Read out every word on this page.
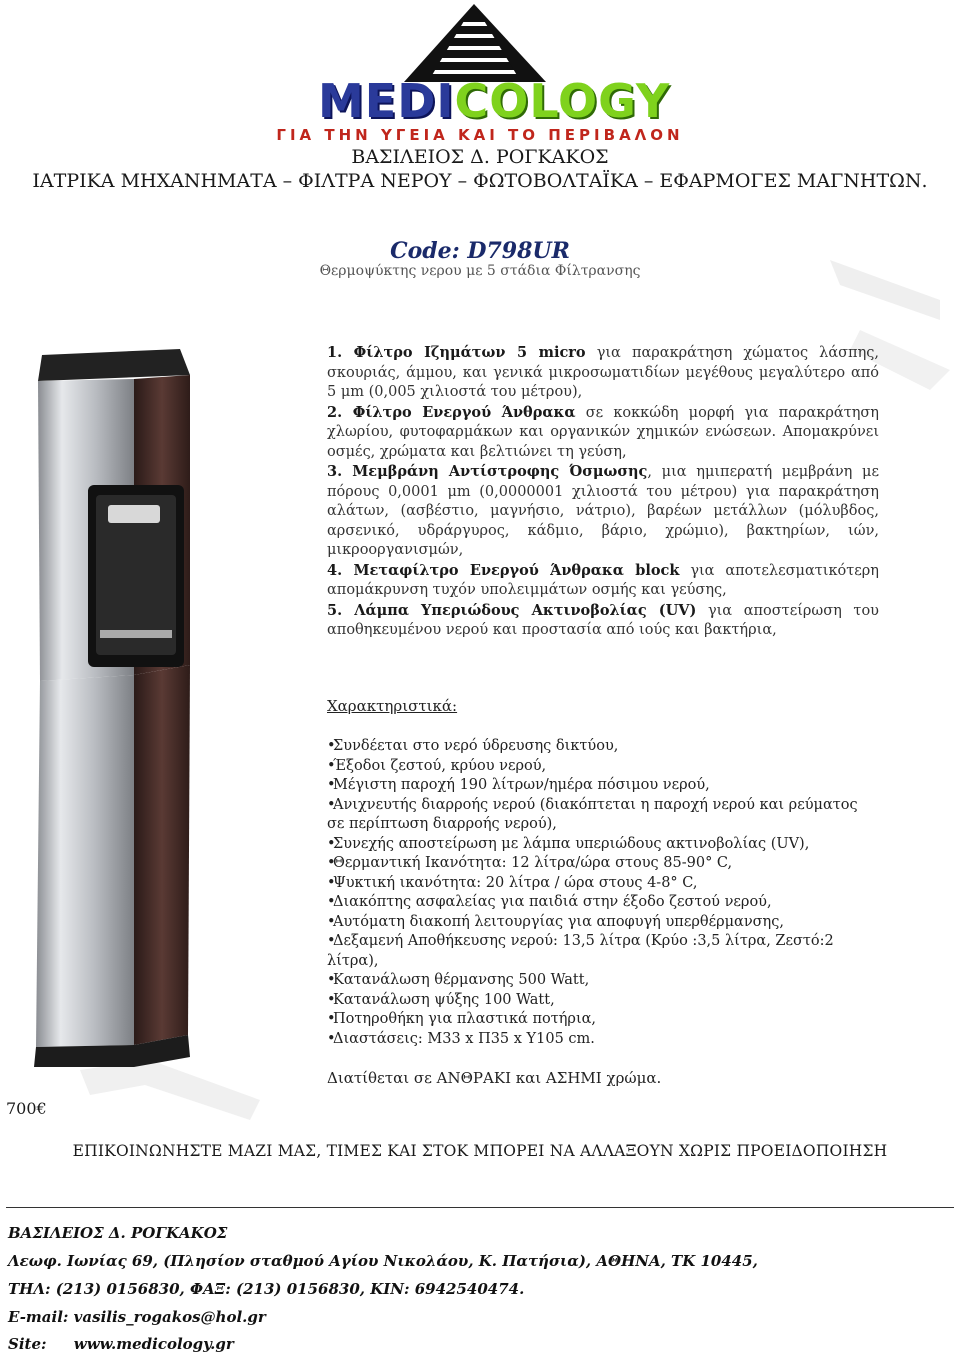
MEDICOLOGY
ΓΙΑ ΤΗΝ ΥΓΕΙΑ ΚΑΙ ΤΟ ΠΕΡΙΒΑΛΟΝ
ΒΑΣΙΛΕΙΟΣ Δ. ΡΟΓΚΑΚΟΣ
ΙΑΤΡΙΚΑ ΜΗΧΑΝΗΜΑΤΑ – ΦΙΛΤΡΑ ΝΕΡΟΥ – ΦΩΤΟΒΟΛΤΑΪΚΑ – ΕΦΑΡΜΟΓΕΣ ΜΑΓΝΗΤΩΝ.
Code: D798UR
Θερμοψύκτης νερου με 5 στάδια Φίλτρανσης

1. Φίλτρο Ιζημάτων 5 micro για παρακράτηση χώματος λάσπης, σκουριάς, άμμου, και γενικά μικροσωματιδίων μεγέθους μεγαλύτερο από 5 μm (0,005 χιλιοστά του μέτρου),

2. Φίλτρο Ενεργού Άνθρακα σε κοκκώδη μορφή για παρακράτηση χλωρίου, φυτοφαρμάκων και οργανικών χημικών ενώσεων. Απομακρύνει οσμές, χρώματα και βελτιώνει τη γεύση,

3. Μεμβράνη Αντίστροφης Όσμωσης, μια ημιπερατή μεμβράνη με πόρους 0,0001 μm (0,0000001 χιλιοστά του μέτρου) για παρακράτηση αλάτων, (ασβέστιο, μαγνήσιο, νάτριο), βαρέων μετάλλων (μόλυβδος, αρσενικό, υδράργυρος, κάδμιο, βάριο, χρώμιο), βακτηρίων, ιών, μικροοργανισμών,

4. Μεταφίλτρο Ενεργού Άνθρακα block για αποτελεσματικότερη απομάκρυνση τυχόν υπολειμμάτων οσμής και γεύσης,

5. Λάμπα Υπεριώδους Ακτινοβολίας (UV) για αποστείρωση του αποθηκευμένου νερού και προστασία από ιούς και βακτήρια,

Χαρακτηριστικά:
•Συνδέεται στο νερό ύδρευσης δικτύου,
•Έξοδοι ζεστού, κρύου νερού,
•Μέγιστη παροχή 190 λίτρων/ημέρα πόσιμου νερού,
•Ανιχνευτής διαρροής νερού (διακόπτεται η παροχή νερού και ρεύματος σε περίπτωση διαρροής νερού),
•Συνεχής αποστείρωση με λάμπα υπεριώδους ακτινοβολίας (UV),
•Θερμαντική Ικανότητα: 12 λίτρα/ώρα στους 85-90° C,
•Ψυκτική ικανότητα: 20 λίτρα / ώρα στους 4-8° C,
•Διακόπτης ασφαλείας για παιδιά στην έξοδο ζεστού νερού,
•Αυτόματη διακοπή λειτουργίας για αποφυγή υπερθέρμανσης,
•Δεξαμενή Αποθήκευσης νερού: 13,5 λίτρα (Κρύο :3,5 λίτρα, Ζεστό:2 λίτρα),
•Κατανάλωση θέρμανσης 500 Watt,
•Κατανάλωση ψύξης 100 Watt,
•Ποτηροθήκη για πλαστικά ποτήρια,
•Διαστάσεις: Μ33 x Π35 x Υ105 cm.
Διατίθεται σε ΑΝΘΡΑΚΙ και ΑΣΗΜΙ χρώμα.
700€
ΕΠΙΚΟΙΝΩΝΗΣΤΕ ΜΑΖΙ ΜΑΣ, ΤΙΜΕΣ ΚΑΙ ΣΤΟΚ ΜΠΟΡΕΙ ΝΑ ΑΛΛΑΞΟΥΝ ΧΩΡΙΣ ΠΡΟΕΙΔΟΠΟΙΗΣΗ
ΒΑΣΙΛΕΙΟΣ Δ. ΡΟΓΚΑΚΟΣ
Λεωφ. Ιωνίας 69, (Πλησίον σταθμού Αγίου Νικολάου, Κ. Πατήσια), ΑΘΗΝΑ, ΤΚ 10445,
ΤΗΛ: (213) 0156830, ΦΑΞ: (213) 0156830, ΚΙΝ: 6942540474.
E-mail: vasilis_rogakos@hol.gr
Site: www.medicology.gr
